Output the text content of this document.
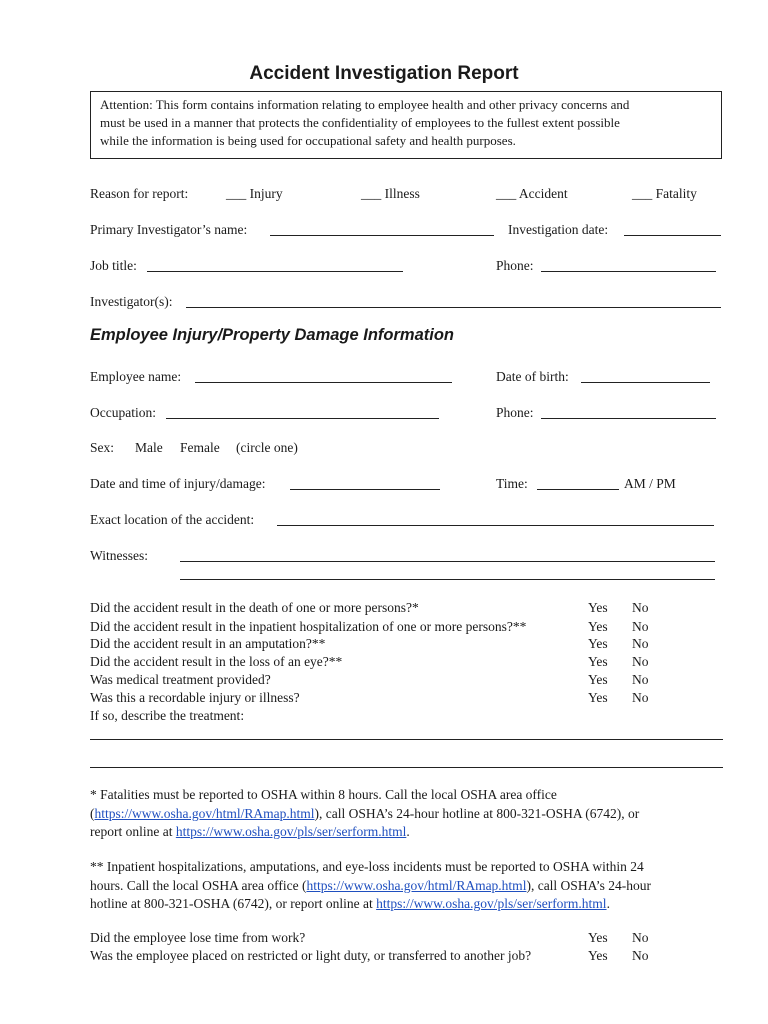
Accident Investigation Report
Attention: This form contains information relating to employee health and other privacy concerns and
must be used in a manner that protects the confidentiality of employees to the fullest extent possible
while the information is being used for occupational safety and health purposes.
Reason for report:	___ Injury	___ Illness	___ Accident	___ Fatality
Primary Investigator’s name:	Investigation date:
Job title:	Phone:
Investigator(s):
Employee Injury/Property Damage Information
Employee name:	Date of birth:
Occupation:	Phone:
Sex: Male Female (circle one)
Date and time of injury/damage:	Time:	AM / PM
Exact location of the accident:
Witnesses:
Did the accident result in the death of one or more persons?*	Yes No
Did the accident result in the inpatient hospitalization of one or more persons?**	Yes No
Did the accident result in an amputation?**	Yes No
Did the accident result in the loss of an eye?**	Yes No
Was medical treatment provided?	Yes No
Was this a recordable injury or illness?	Yes No
If so, describe the treatment:
* Fatalities must be reported to OSHA within 8 hours. Call the local OSHA area office
(https://www.osha.gov/html/RAmap.html), call OSHA’s 24-hour hotline at 800-321-OSHA (6742), or
report online at https://www.osha.gov/pls/ser/serform.html.
** Inpatient hospitalizations, amputations, and eye-loss incidents must be reported to OSHA within 24
hours. Call the local OSHA area office (https://www.osha.gov/html/RAmap.html), call OSHA’s 24-hour
hotline at 800-321-OSHA (6742), or report online at https://www.osha.gov/pls/ser/serform.html.
Did the employee lose time from work?	Yes No
Was the employee placed on restricted or light duty, or transferred to another job?	Yes No
